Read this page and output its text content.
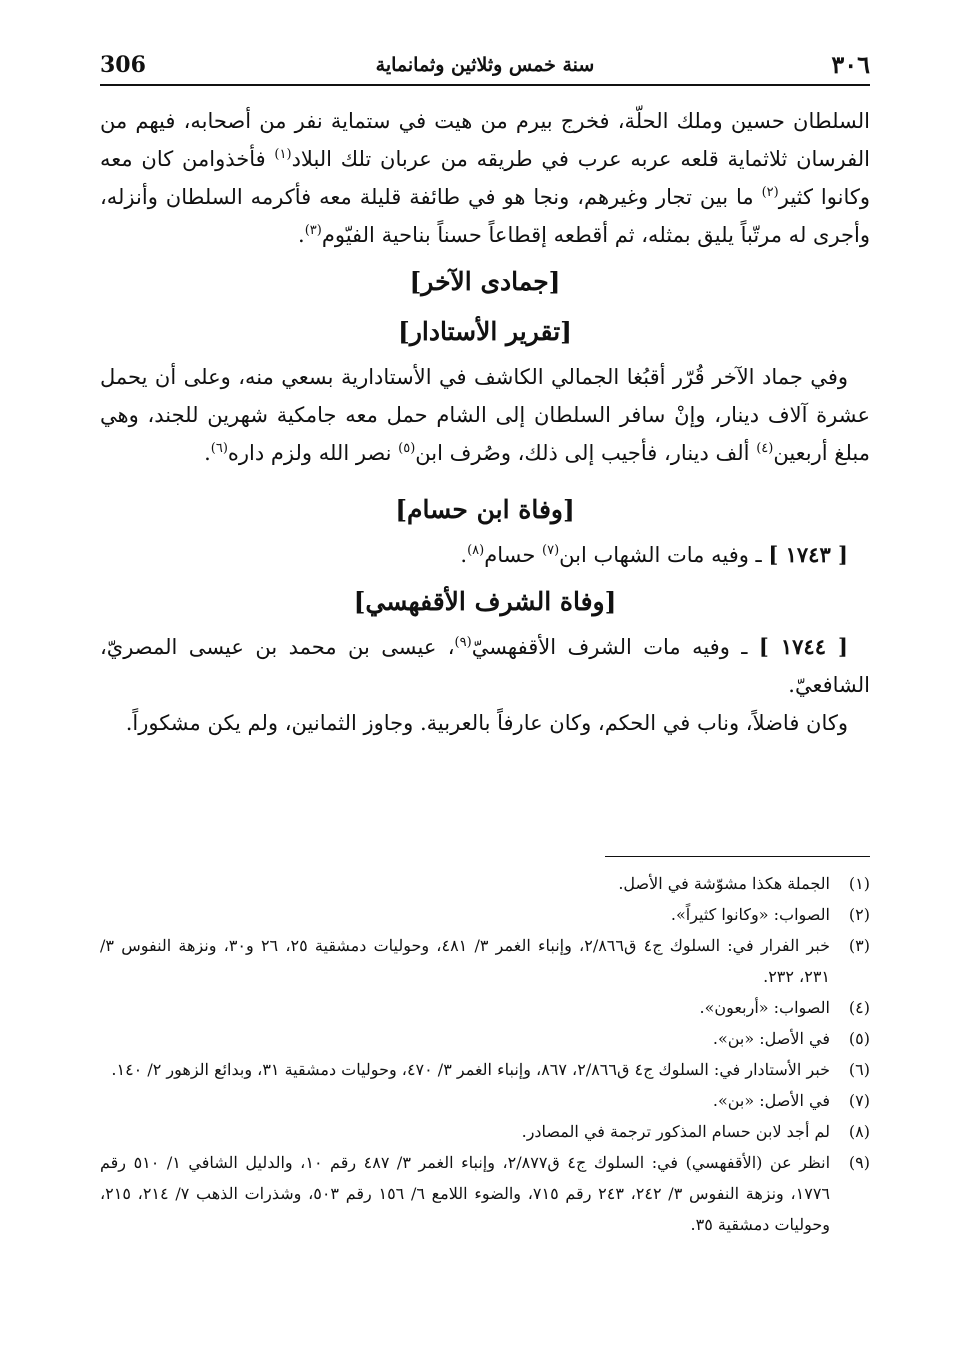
306	سنة خمس وثلاثين وثمانماية	٣٠٦

السلطان حسين وملك الحلّة، فخرج بيرم من هيت في ستماية نفر من أصحابه، فيهم من الفرسان ثلاثماية قلعه عربه عرب في طريقه من عربان تلك البلاد$^{(١)}$ فأخذوامن كان معه وكانوا كثير$^{(٢)}$ ما بين تجار وغيرهم، ونجا هو في طائفة قليلة معه فأكرمه السلطان وأنزله، وأجرى له مرتّباً يليق بمثله، ثم أقطعه إقطاعاً حسناً بناحية الفيّوم$^{(٣)}$.

[جمادى الآخر]
[تقرير الأستادار]

وفي جماد الآخر قُرّر أقبُغا الجمالي الكاشف في الأستادارية بسعي منه، وعلى أن يحمل عشرة آلاف دينار، وإنْ سافر السلطان إلى الشام حمل معه جامكية شهرين للجند، وهي مبلغ أربعين$^{(٤)}$ ألف دينار، فأجيب إلى ذلك، وصُرف ابن$^{(٥)}$ نصر الله ولزم داره$^{(٦)}$.

[وفاة ابن حسام]

[ ١٧٤٣ ] ـ وفيه مات الشهاب ابن$^{(٧)}$ حسام$^{(٨)}$.

[وفاة الشرف الأقفهسي]

[ ١٧٤٤ ] ـ وفيه مات الشرف الأقفهسيّ$^{(٩)}$، عيسى بن محمد بن عيسى المصريّ، الشافعيّ.

وكان فاضلاً، وناب في الحكم، وكان عارفاً بالعربية. وجاوز الثمانين، ولم يكن مشكوراً.

(١)
الجملة هكذا مشوّشة في الأصل.
(٢)
الصواب: «وكانوا كثيراً».
(٣)
خبر الفرار في: السلوك ج٤ ق٢/٨٦٦، وإنباء الغمر ٣/ ٤٨١، وحوليات دمشقية ٢٥، ٢٦ و٣٠، ونزهة النفوس ٣/ ٢٣١، ٢٣٢.
(٤)
الصواب: «أربعون».
(٥)
في الأصل: «بن».
(٦)
خبر الأستادار في: السلوك ج٤ ق٢/٨٦٦، ٨٦٧، وإنباء الغمر ٣/ ٤٧٠، وحوليات دمشقية ٣١، وبدائع الزهور ٢/ ١٤٠.
(٧)
في الأصل: «بن».
(٨)
لم أجد لابن حسام المذكور ترجمة في المصادر.
(٩)
انظر عن (الأقفهسي) في: السلوك ج٤ ق٢/٨٧٧، وإنباء الغمر ٣/ ٤٨٧ رقم ١٠، والدليل الشافي ١/ ٥١٠ رقم ١٧٧٦، ونزهة النفوس ٣/ ٢٤٢، ٢٤٣ رقم ٧١٥، والضوء اللامع ٦/ ١٥٦ رقم ٥٠٣، وشذرات الذهب ٧/ ٢١٤، ٢١٥، وحوليات دمشقية ٣٥.
